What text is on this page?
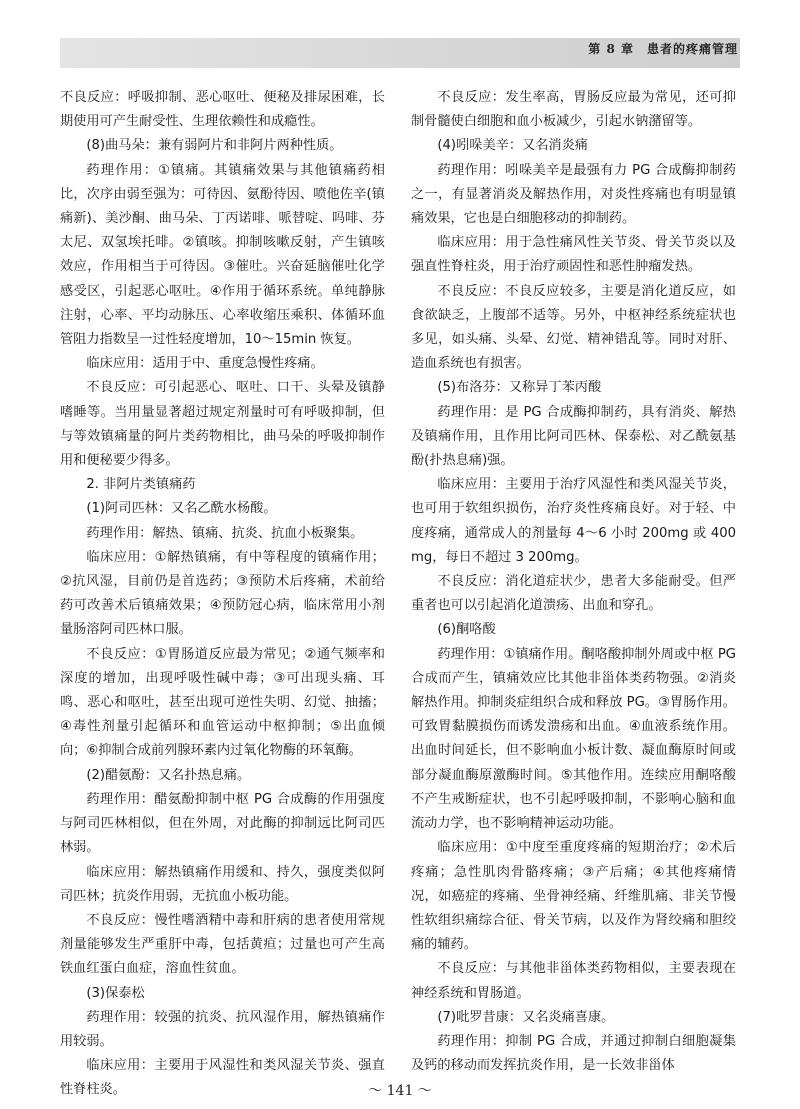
第 8 章　患者的疼痛管理

不良反应：呼吸抑制、恶心呕吐、便秘及排尿困难，长期使用可产生耐受性、生理依赖性和成瘾性。

(8)曲马朵：兼有弱阿片和非阿片两种性质。

药理作用：①镇痛。其镇痛效果与其他镇痛药相比，次序由弱至强为：可待因、氨酚待因、喷他佐辛(镇痛新)、美沙酮、曲马朵、丁丙诺啡、哌替啶、吗啡、芬太尼、双氢埃托啡。②镇咳。抑制咳嗽反射，产生镇咳效应，作用相当于可待因。③催吐。兴奋延脑催吐化学感受区，引起恶心呕吐。④作用于循环系统。单纯静脉注射，心率、平均动脉压、心率收缩压乘积、体循环血管阻力指数呈一过性轻度增加，10～15min 恢复。

临床应用：适用于中、重度急慢性疼痛。

不良反应：可引起恶心、呕吐、口干、头晕及镇静嗜睡等。当用量显著超过规定剂量时可有呼吸抑制，但与等效镇痛量的阿片类药物相比，曲马朵的呼吸抑制作用和便秘要少得多。

2. 非阿片类镇痛药

(1)阿司匹林：又名乙酰水杨酸。

药理作用：解热、镇痛、抗炎、抗血小板聚集。

临床应用：①解热镇痛，有中等程度的镇痛作用；②抗风湿，目前仍是首选药；③预防术后疼痛，术前给药可改善术后镇痛效果；④预防冠心病，临床常用小剂量肠溶阿司匹林口服。

不良反应：①胃肠道反应最为常见；②通气频率和深度的增加，出现呼吸性碱中毒；③可出现头痛、耳鸣、恶心和呕吐，甚至出现可逆性失明、幻觉、抽搐；④毒性剂量引起循环和血管运动中枢抑制；⑤出血倾向；⑥抑制合成前列腺环素内过氧化物酶的环氧酶。

(2)醋氨酚：又名扑热息痛。

药理作用：醋氨酚抑制中枢 PG 合成酶的作用强度与阿司匹林相似，但在外周，对此酶的抑制远比阿司匹林弱。

临床应用：解热镇痛作用缓和、持久，强度类似阿司匹林；抗炎作用弱，无抗血小板功能。

不良反应：慢性嗜酒精中毒和肝病的患者使用常规剂量能够发生严重肝中毒，包括黄疸；过量也可产生高铁血红蛋白血症，溶血性贫血。

(3)保泰松

药理作用：较强的抗炎、抗风湿作用，解热镇痛作用较弱。

临床应用：主要用于风湿性和类风湿关节炎、强直性脊柱炎。

不良反应：发生率高，胃肠反应最为常见，还可抑制骨髓使白细胞和血小板减少，引起水钠潴留等。

(4)吲哚美辛：又名消炎痛

药理作用：吲哚美辛是最强有力 PG 合成酶抑制药之一，有显著消炎及解热作用，对炎性疼痛也有明显镇痛效果，它也是白细胞移动的抑制药。

临床应用：用于急性痛风性关节炎、骨关节炎以及强直性脊柱炎，用于治疗顽固性和恶性肿瘤发热。

不良反应：不良反应较多，主要是消化道反应，如食欲缺乏，上腹部不适等。另外，中枢神经系统症状也多见，如头痛、头晕、幻觉、精神错乱等。同时对肝、造血系统也有损害。

(5)布洛芬：又称异丁苯丙酸

药理作用：是 PG 合成酶抑制药，具有消炎、解热及镇痛作用，且作用比阿司匹林、保泰松、对乙酰氨基酚(扑热息痛)强。

临床应用：主要用于治疗风湿性和类风湿关节炎，也可用于软组织损伤，治疗炎性疼痛良好。对于轻、中度疼痛，通常成人的剂量每 4～6 小时 200mg 或 400mg，每日不超过 3 200mg。

不良反应：消化道症状少，患者大多能耐受。但严重者也可以引起消化道溃疡、出血和穿孔。

(6)酮咯酸

药理作用：①镇痛作用。酮咯酸抑制外周或中枢 PG 合成而产生，镇痛效应比其他非甾体类药物强。②消炎解热作用。抑制炎症组织合成和释放 PG。③胃肠作用。可致胃黏膜损伤而诱发溃疡和出血。④血液系统作用。出血时间延长，但不影响血小板计数、凝血酶原时间或部分凝血酶原激酶时间。⑤其他作用。连续应用酮咯酸不产生戒断症状，也不引起呼吸抑制，不影响心脑和血流动力学，也不影响精神运动功能。

临床应用：①中度至重度疼痛的短期治疗；②术后疼痛；急性肌肉骨骼疼痛；③产后痛；④其他疼痛情况，如癌症的疼痛、坐骨神经痛、纤维肌痛、非关节慢性软组织痛综合征、骨关节病，以及作为肾绞痛和胆绞痛的辅药。

不良反应：与其他非甾体类药物相似，主要表现在神经系统和胃肠道。

(7)吡罗昔康：又名炎痛喜康。

药理作用：抑制 PG 合成，并通过抑制白细胞凝集及钙的移动而发挥抗炎作用，是一长效非甾体

～ 141 ～
